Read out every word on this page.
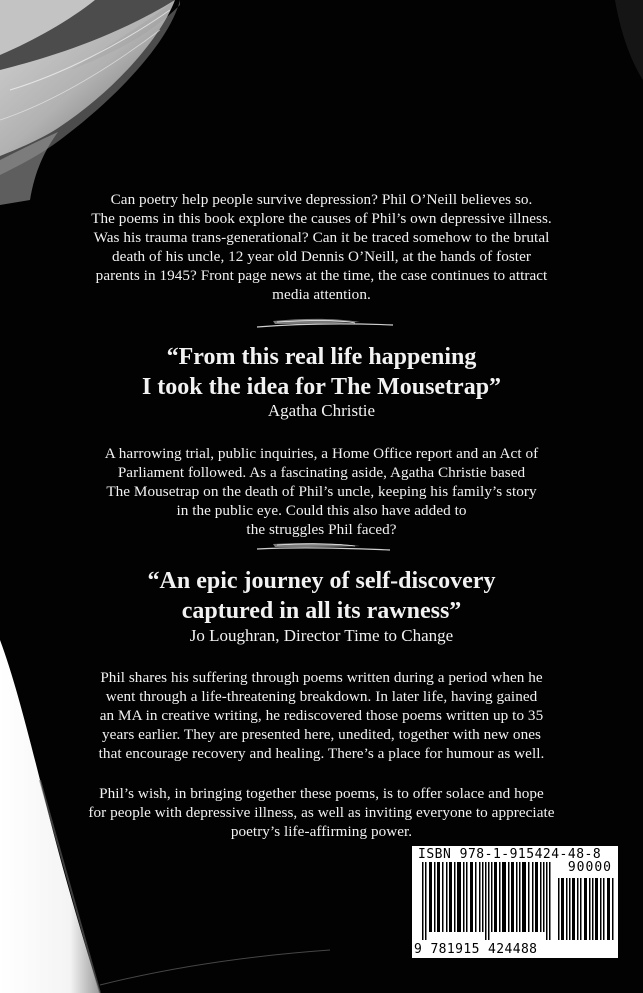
Can poetry help people survive depression? Phil O’Neill believes so.
The poems in this book explore the causes of Phil’s own depressive illness.
Was his trauma trans-generational? Can it be traced somehow to the brutal
death of his uncle, 12 year old Dennis O’Neill, at the hands of foster
parents in 1945? Front page news at the time, the case continues to attract
media attention.
“From this real life happening
I took the idea for The Mousetrap”
Agatha Christie
A harrowing trial, public inquiries, a Home Office report and an Act of
Parliament followed. As a fascinating aside, Agatha Christie based
The Mousetrap on the death of Phil’s uncle, keeping his family’s story
in the public eye. Could this also have added to
the struggles Phil faced?
“An epic journey of self-discovery
captured in all its rawness”
Jo Loughran, Director Time to Change
Phil shares his suffering through poems written during a period when he
went through a life-threatening breakdown. In later life, having gained
an MA in creative writing, he rediscovered those poems written up to 35
years earlier. They are presented here, unedited, together with new ones
that encourage recovery and healing. There’s a place for humour as well.
Phil’s wish, in bringing together these poems, is to offer solace and hope
for people with depressive illness, as well as inviting everyone to appreciate
poetry’s life-affirming power.
ISBN 978-1-915424-48-8
90000
9 781915 424488
